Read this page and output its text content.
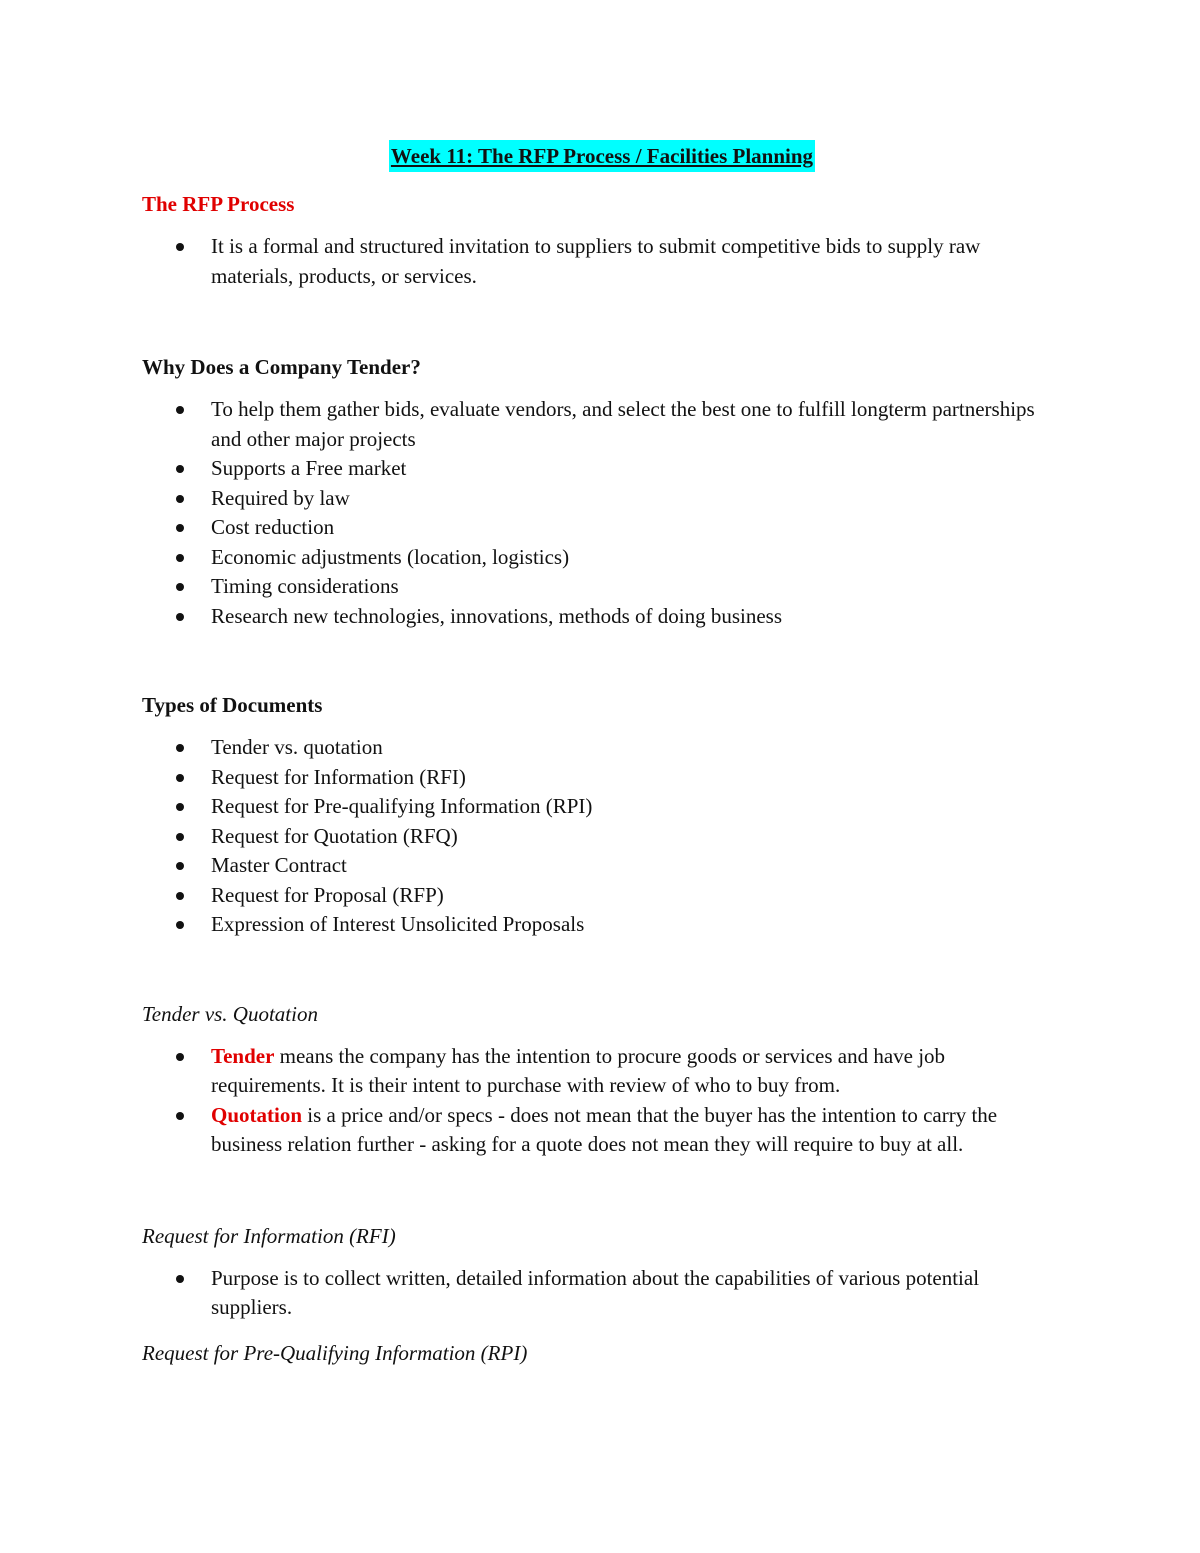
Week 11: The RFP Process / Facilities Planning
The RFP Process
It is a formal and structured invitation to suppliers to submit competitive bids to supply raw materials, products, or services.
Why Does a Company Tender?
To help them gather bids, evaluate vendors, and select the best one to fulfill longterm partnerships and other major projects
Supports a Free market
Required by law
Cost reduction
Economic adjustments (location, logistics)
Timing considerations
Research new technologies, innovations, methods of doing business
Types of Documents
Tender vs. quotation
Request for Information (RFI)
Request for Pre-qualifying Information (RPI)
Request for Quotation (RFQ)
Master Contract
Request for Proposal (RFP)
Expression of Interest Unsolicited Proposals
Tender vs. Quotation
Tender means the company has the intention to procure goods or services and have job requirements. It is their intent to purchase with review of who to buy from.
Quotation is a price and/or specs - does not mean that the buyer has the intention to carry the business relation further - asking for a quote does not mean they will require to buy at all.
Request for Information (RFI)
Purpose is to collect written, detailed information about the capabilities of various potential suppliers.
Request for Pre-Qualifying Information (RPI)
